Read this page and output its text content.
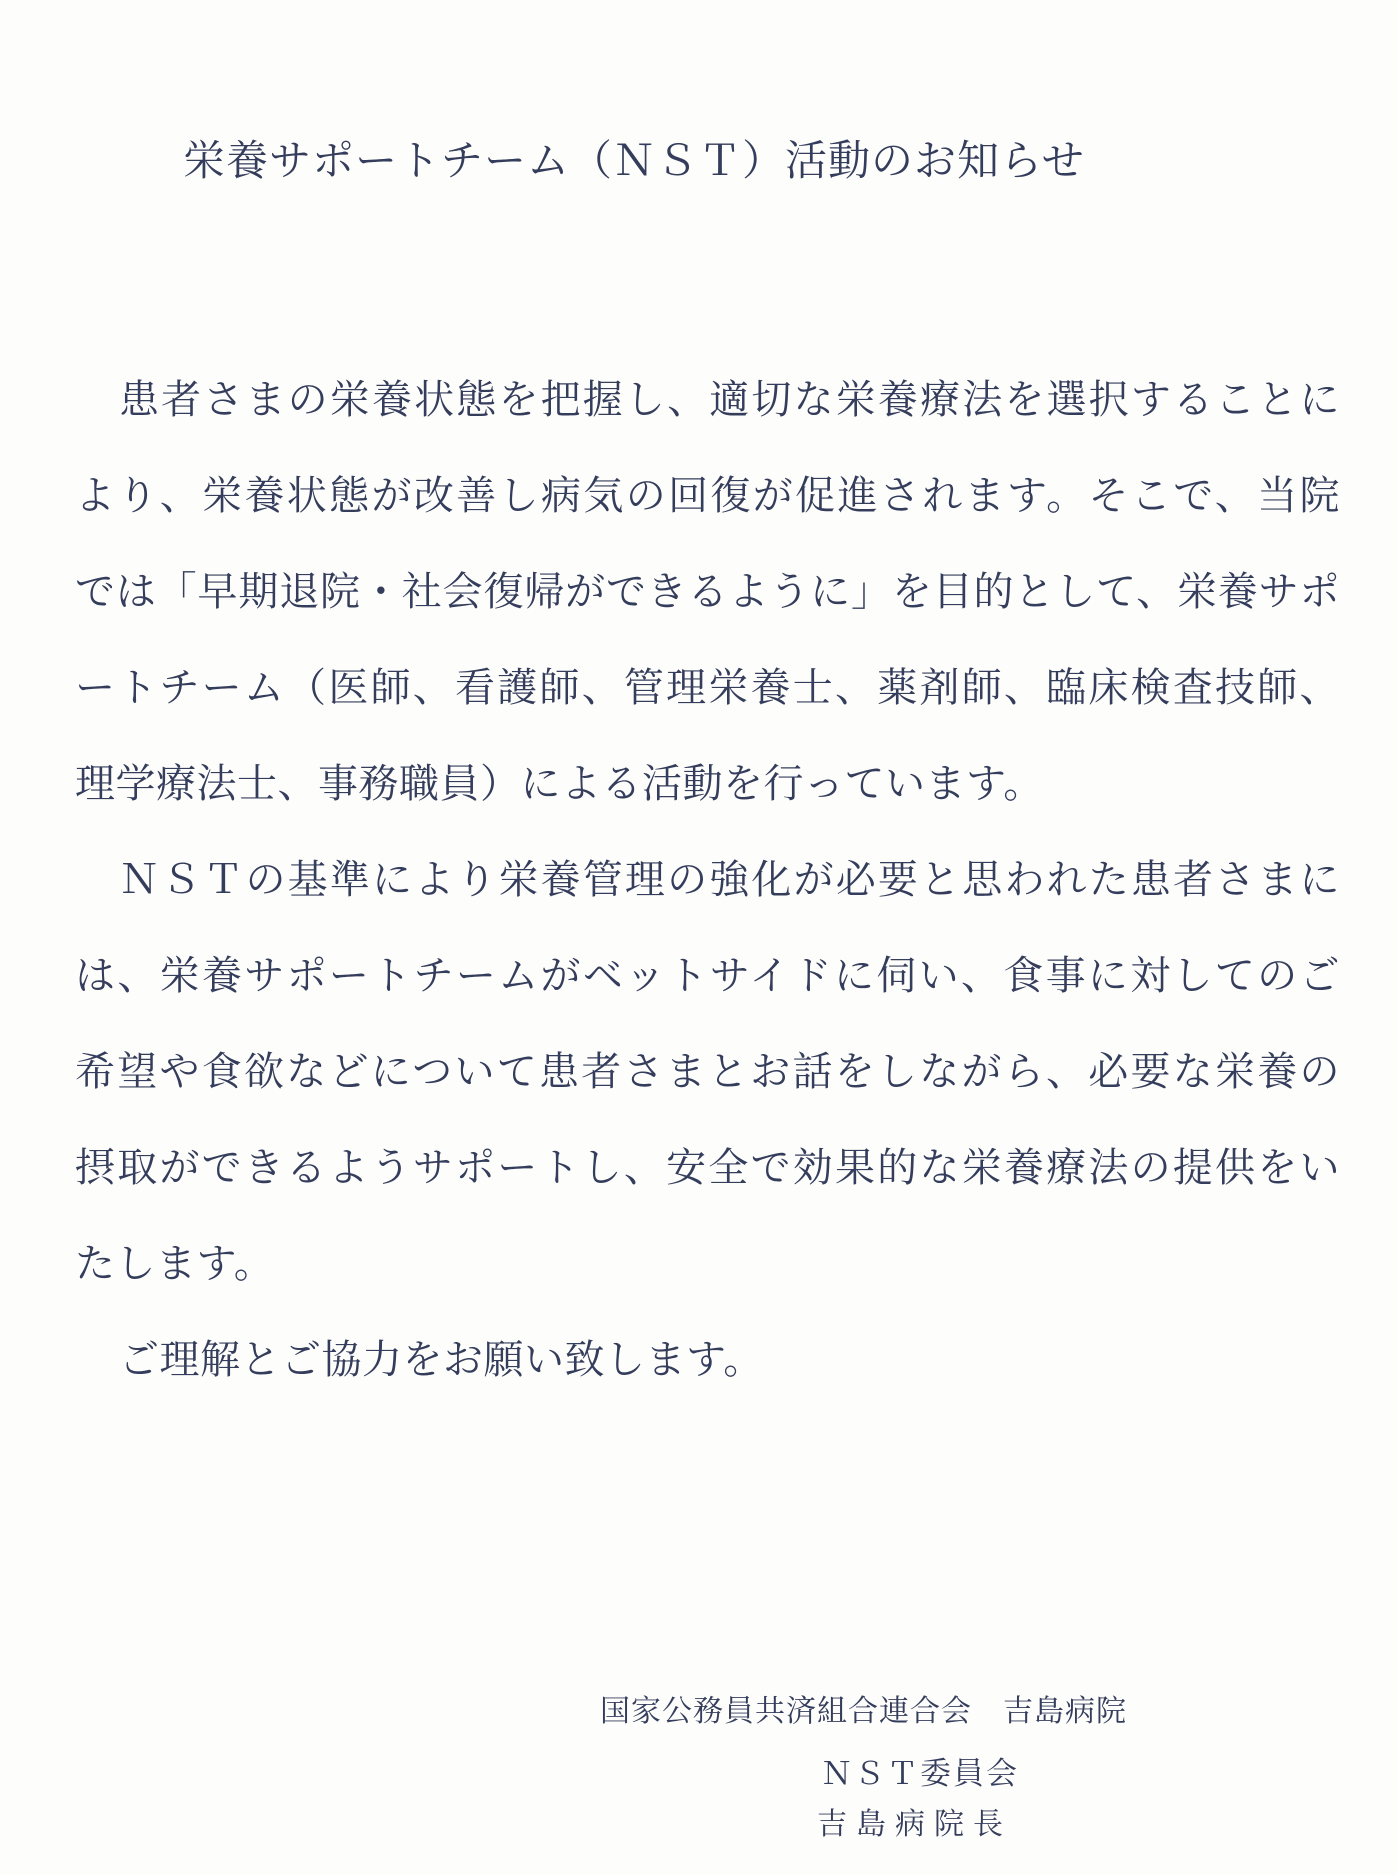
栄養サポートチーム（ＮＳＴ）活動のお知らせ
患者さまの栄養状態を把握し、適切な栄養療法を選択することに
より、栄養状態が改善し病気の回復が促進されます。そこで、当院
では「早期退院・社会復帰ができるように」を目的として、栄養サポ
ートチーム（医師、看護師、管理栄養士、薬剤師、臨床検査技師、
理学療法士、事務職員）による活動を行っています。
ＮＳＴの基準により栄養管理の強化が必要と思われた患者さまに
は、栄養サポートチームがベットサイドに伺い、食事に対してのご
希望や食欲などについて患者さまとお話をしながら、必要な栄養の
摂取ができるようサポートし、安全で効果的な栄養療法の提供をい
たします。
ご理解とご協力をお願い致します。
国家公務員共済組合連合会　吉島病院
ＮＳＴ委員会
吉島病院長
